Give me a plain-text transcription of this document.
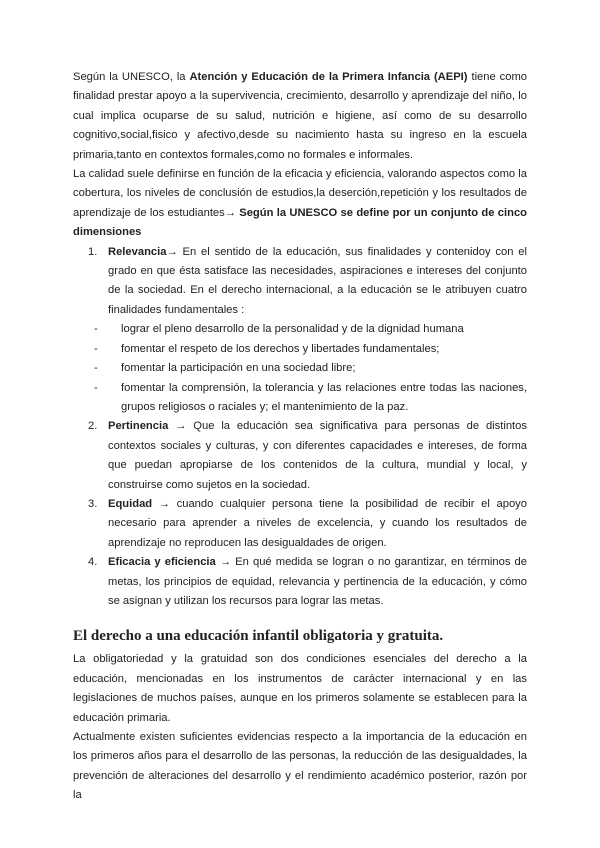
Según la UNESCO, la Atención y Educación de la Primera Infancia (AEPI) tiene como finalidad prestar apoyo a la supervivencia, crecimiento, desarrollo y aprendizaje del niño, lo cual implica ocuparse de su salud, nutrición e higiene, así como de su desarrollo cognitivo,social,fisico y afectivo,desde su nacimiento hasta su ingreso en la escuela primaria,tanto en contextos formales,como no formales e informales.

La calidad suele definirse en función de la eficacia y eficiencia, valorando aspectos como la cobertura, los niveles de conclusión de estudios,la deserción,repetición y los resultados de aprendizaje de los estudiantes→ Según la UNESCO se define por un conjunto de cinco dimensiones

1. Relevancia→ En el sentido de la educación, sus finalidades y contenidoy con el grado en que ésta satisface las necesidades, aspiraciones e intereses del conjunto de la sociedad. En el derecho internacional, a la educación se le atribuyen cuatro finalidades fundamentales :
- lograr el pleno desarrollo de la personalidad y de la dignidad humana
- fomentar el respeto de los derechos y libertades fundamentales;
- fomentar la participación en una sociedad libre;
- fomentar la comprensión, la tolerancia y las relaciones entre todas las naciones, grupos religiosos o raciales y; el mantenimiento de la paz.
2. Pertinencia → Que la educación sea significativa para personas de distintos contextos sociales y culturas, y con diferentes capacidades e intereses, de forma que puedan apropiarse de los contenidos de la cultura, mundial y local, y construirse como sujetos en la sociedad.
3. Equidad → cuando cualquier persona tiene la posibilidad de recibir el apoyo necesario para aprender a niveles de excelencia, y cuando los resultados de aprendizaje no reproducen las desigualdades de origen.
4. Eficacia y eficiencia → En qué medida se logran o no garantizar, en términos de metas, los principios de equidad, relevancia y pertinencia de la educación, y cómo se asignan y utilizan los recursos para lograr las metas.
El derecho a una educación infantil obligatoria y gratuita.

La obligatoriedad y la gratuidad son dos condiciones esenciales del derecho a la educación, mencionadas en los instrumentos de carácter internacional y en las legislaciones de muchos países, aunque en los primeros solamente se establecen para la educación primaria.

Actualmente existen suficientes evidencias respecto a la importancia de la educación en los primeros años para el desarrollo de las personas, la reducción de las desigualdades, la prevención de alteraciones del desarrollo y el rendimiento académico posterior, razón por la
